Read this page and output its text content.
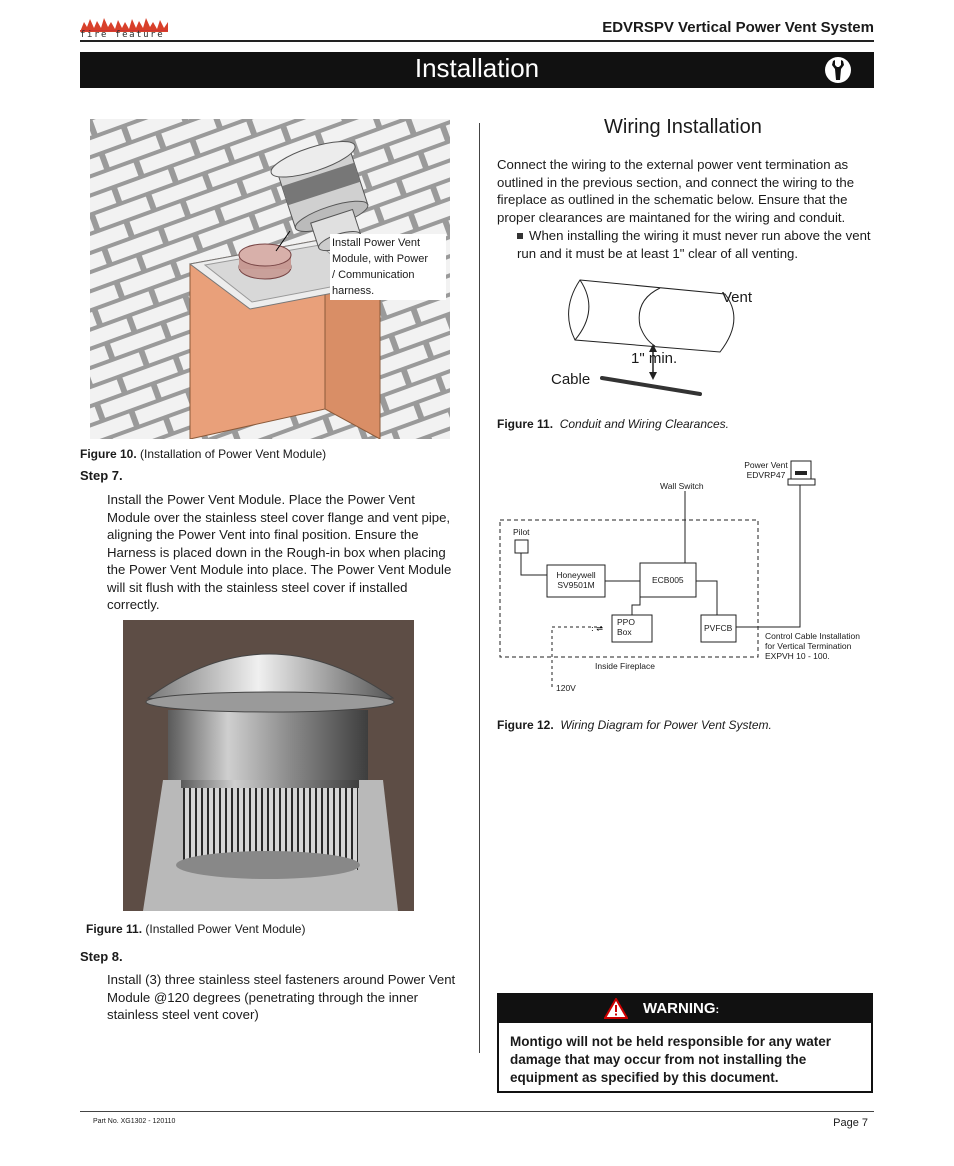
fire feature	EDVRSPV Vertical Power Vent System
Installation
Install Power Vent
Module, with Power
/ Communication
harness.
Figure 10. (Installation of Power Vent Module)
Step 7.
Install the Power Vent Module. Place the Power Vent Module over the stainless steel cover flange and vent pipe, aligning the Power Vent into final position. Ensure the Harness is placed down in the Rough-in box when placing the Power Vent Module into place. The Power Vent Module will sit flush with the stainless steel cover if installed correctly.
Figure 11. (Installed Power Vent Module)
Step 8.
Install (3) three stainless steel fasteners around Power Vent Module @120 degrees (penetrating through the inner stainless steel vent cover)
Wiring Installation
Connect the wiring to the external power vent termination as outlined in the previous section, and connect the wiring to the fireplace as outlined in the schematic below. Ensure that the proper clearances are maintaned for the wiring and conduit.
When installing the wiring it must never run above the vent run and it must be at least 1" clear of all venting.
Vent
1" min.
Cable
Figure 11. Conduit and Wiring Clearances.
: ⇌
Power Vent
EDVRP47
Wall Switch
Pilot
Honeywell
SV9501M	ECB005
PPO
Box	PVFCB
Control Cable Installation
for Vertical Termination
EXPVH 10 - 100.
Inside Fireplace
120V
Figure 12. Wiring Diagram for Power Vent System.
WARNING:
Montigo will not be held responsible for any water damage that may occur from not installing the equipment as specified by this document.
Part No. XG1302 - 120110	Page 7
